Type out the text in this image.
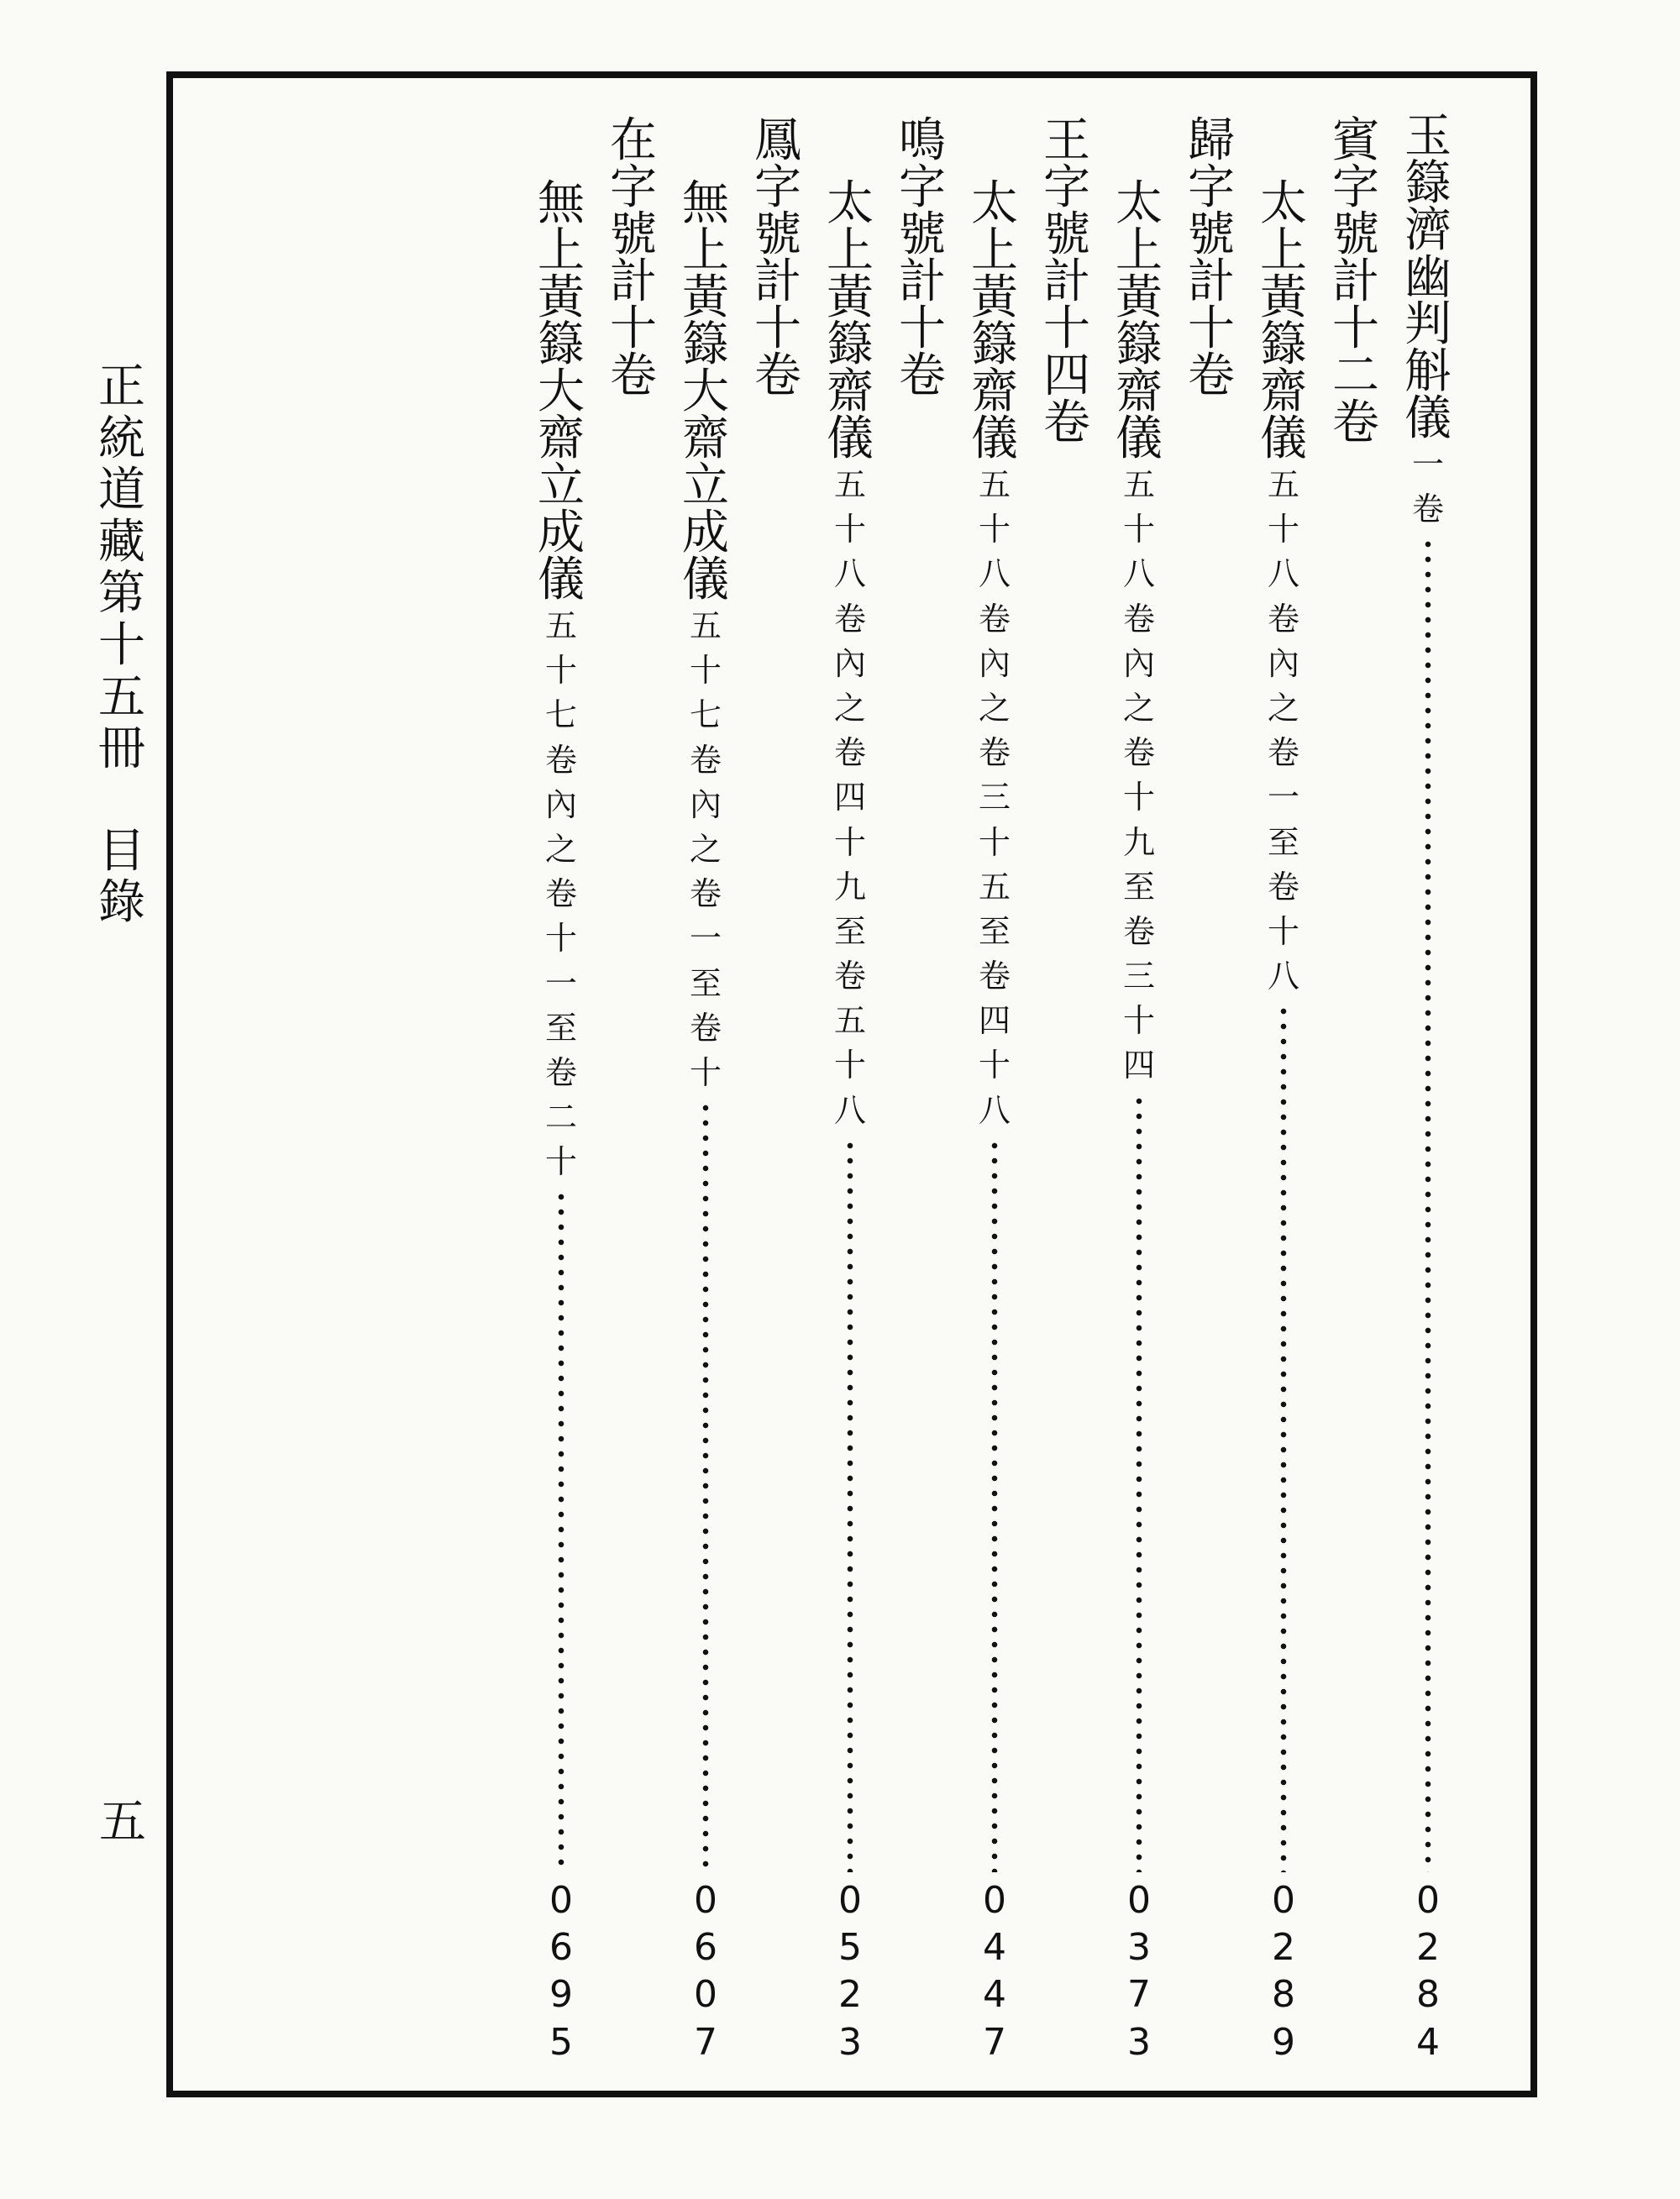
正
統
道
藏
第
十
五
冊
目
錄
五
玉
籙
濟
幽
判
斛
儀
一
卷
0
2
8
4
賓
字
號
計
十
二
卷
太
上
黃
籙
齋
儀
五
十
八
卷
內
之
卷
一
至
卷
十
八
0
2
8
9
歸
字
號
計
十
卷
太
上
黃
籙
齋
儀
五
十
八
卷
內
之
卷
十
九
至
卷
三
十
四
0
3
7
3
王
字
號
計
十
四
卷
太
上
黃
籙
齋
儀
五
十
八
卷
內
之
卷
三
十
五
至
卷
四
十
八
0
4
4
7
鳴
字
號
計
十
卷
太
上
黃
籙
齋
儀
五
十
八
卷
內
之
卷
四
十
九
至
卷
五
十
八
0
5
2
3
鳳
字
號
計
十
卷
無
上
黃
籙
大
齋
立
成
儀
五
十
七
卷
內
之
卷
一
至
卷
十
0
6
0
7
在
字
號
計
十
卷
無
上
黃
籙
大
齋
立
成
儀
五
十
七
卷
內
之
卷
十
一
至
卷
二
十
0
6
9
5
